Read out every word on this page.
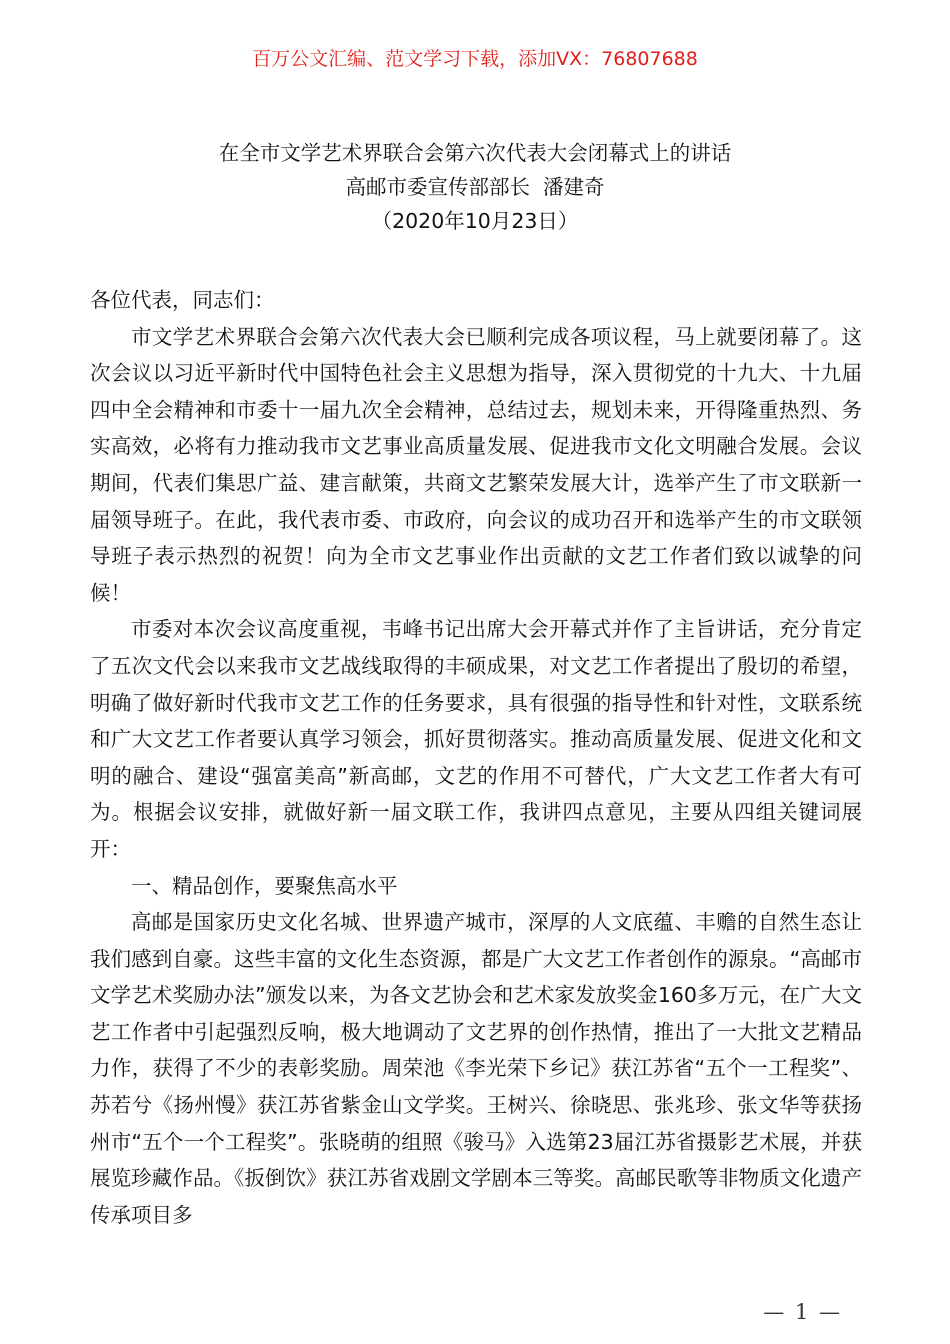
百万公文汇编、范文学习下载，添加VX：76807688
在全市文学艺术界联合会第六次代表大会闭幕式上的讲话
高邮市委宣传部部长  潘建奇
（2020年10月23日）

各位代表，同志们：

市文学艺术界联合会第六次代表大会已顺利完成各项议程，马上就要闭幕了。这次会议以习近平新时代中国特色社会主义思想为指导，深入贯彻党的十九大、十九届四中全会精神和市委十一届九次全会精神，总结过去，规划未来，开得隆重热烈、务实高效，必将有力推动我市文艺事业高质量发展、促进我市文化文明融合发展。会议期间，代表们集思广益、建言献策，共商文艺繁荣发展大计，选举产生了市文联新一届领导班子。在此，我代表市委、市政府，向会议的成功召开和选举产生的市文联领导班子表示热烈的祝贺！向为全市文艺事业作出贡献的文艺工作者们致以诚挚的问候！

市委对本次会议高度重视，韦峰书记出席大会开幕式并作了主旨讲话，充分肯定了五次文代会以来我市文艺战线取得的丰硕成果，对文艺工作者提出了殷切的希望，明确了做好新时代我市文艺工作的任务要求，具有很强的指导性和针对性，文联系统和广大文艺工作者要认真学习领会，抓好贯彻落实。推动高质量发展、促进文化和文明的融合、建设“强富美高”新高邮，文艺的作用不可替代，广大文艺工作者大有可为。根据会议安排，就做好新一届文联工作，我讲四点意见，主要从四组关键词展开：

一、精品创作，要聚焦高水平

高邮是国家历史文化名城、世界遗产城市，深厚的人文底蕴、丰赡的自然生态让我们感到自豪。这些丰富的文化生态资源，都是广大文艺工作者创作的源泉。“高邮市文学艺术奖励办法”颁发以来，为各文艺协会和艺术家发放奖金160多万元，在广大文艺工作者中引起强烈反响，极大地调动了文艺界的创作热情，推出了一大批文艺精品力作，获得了不少的表彰奖励。周荣池《李光荣下乡记》获江苏省“五个一工程奖”、苏若兮《扬州慢》获江苏省紫金山文学奖。王树兴、徐晓思、张兆珍、张文华等获扬州市“五个一个工程奖”。张晓萌的组照《骏马》入选第23届江苏省摄影艺术展，并获展览珍藏作品。《扳倒饮》获江苏省戏剧文学剧本三等奖。高邮民歌等非物质文化遗产传承项目多

— 1 —
